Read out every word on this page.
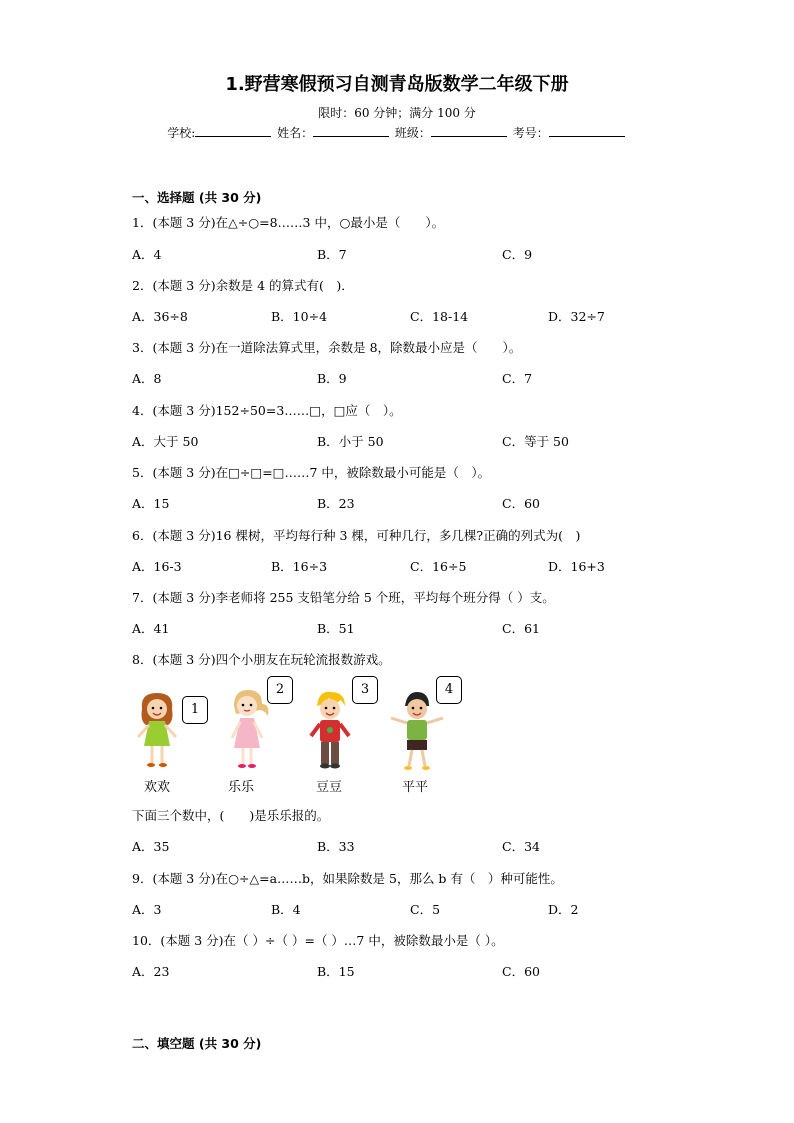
1.野营寒假预习自测青岛版数学二年级下册
限时：60 分钟；满分 100 分
学校:	姓名：	班级：	考号：
一、选择题 (共 30 分)
1．(本题 3 分)在△÷○=8……3 中，○最小是（　　）。
A．4	B．7	C．9
2．(本题 3 分)余数是 4 的算式有(　)．
A．36÷8	B．10÷4	C．18-14	D．32÷7
3．(本题 3 分)在一道除法算式里，余数是 8，除数最小应是（　　）。
A．8	B．9	C．7
4．(本题 3 分)152÷50=3……□，□应（　）。
A．大于 50	B．小于 50	C．等于 50
5．(本题 3 分)在□÷□=□……7 中，被除数最小可能是（　）。
A．15	B．23	C．60
6．(本题 3 分)16 棵树，平均每行种 3 棵，可种几行，多几棵?正确的列式为(　)
A．16-3	B．16÷3	C．16÷5	D．16+3
7．(本题 3 分)李老师将 255 支铅笔分给 5 个班，平均每个班分得（ ）支。
A．41	B．51	C．61
8．(本题 3 分)四个小朋友在玩轮流报数游戏。
1
欢欢
2
乐乐
3
豆豆
4
平平
下面三个数中，(　　)是乐乐报的。
A．35	B．33	C．34
9．(本题 3 分)在○÷△=a……b，如果除数是 5，那么 b 有（　）种可能性。
A．3	B．4	C．5	D．2
10．(本题 3 分)在（ ）÷（ ）=（ ）…7 中，被除数最小是（ ）。
A．23	B．15	C．60
二、填空题 (共 30 分)
